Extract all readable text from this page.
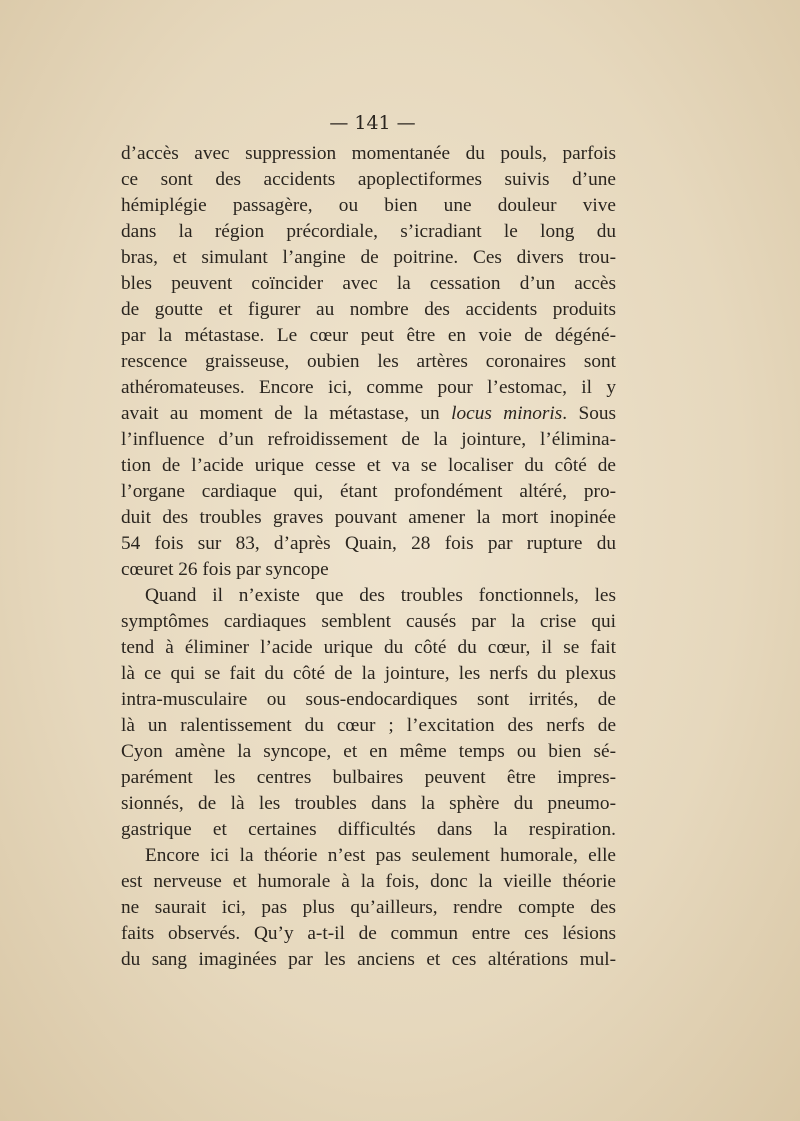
— 141 —
d’accès avec suppression momentanée du pouls, parfois
ce sont des accidents apoplectiformes suivis d’une
hémiplégie passagère, ou bien une douleur vive
dans la région précordiale, s’icradiant le long du
bras, et simulant l’angine de poitrine. Ces divers trou-
bles peuvent coïncider avec la cessation d’un accès
de goutte et figurer au nombre des accidents produits
par la métastase. Le cœur peut être en voie de dégéné-
rescence graisseuse, oubien les artères coronaires sont
athéromateuses. Encore ici, comme pour l’estomac, il y
avait au moment de la métastase, un locus minoris. Sous
l’influence d’un refroidissement de la jointure, l’élimina-
tion de l’acide urique cesse et va se localiser du côté de
l’organe cardiaque qui, étant profondément altéré, pro-
duit des troubles graves pouvant amener la mort inopinée
54 fois sur 83, d’après Quain, 28 fois par rupture du
cœuret 26 fois par syncope
Quand il n’existe que des troubles fonctionnels, les
symptômes cardiaques semblent causés par la crise qui
tend à éliminer l’acide urique du côté du cœur, il se fait
là ce qui se fait du côté de la jointure, les nerfs du plexus
intra-musculaire ou sous-endocardiques sont irrités, de
là un ralentissement du cœur ; l’excitation des nerfs de
Cyon amène la syncope, et en même temps ou bien sé-
parément les centres bulbaires peuvent être impres-
sionnés, de là les troubles dans la sphère du pneumo-
gastrique et certaines difficultés dans la respiration.
Encore ici la théorie n’est pas seulement humorale, elle
est nerveuse et humorale à la fois, donc la vieille théorie
ne saurait ici, pas plus qu’ailleurs, rendre compte des
faits observés. Qu’y a-t-il de commun entre ces lésions
du sang imaginées par les anciens et ces altérations mul-
